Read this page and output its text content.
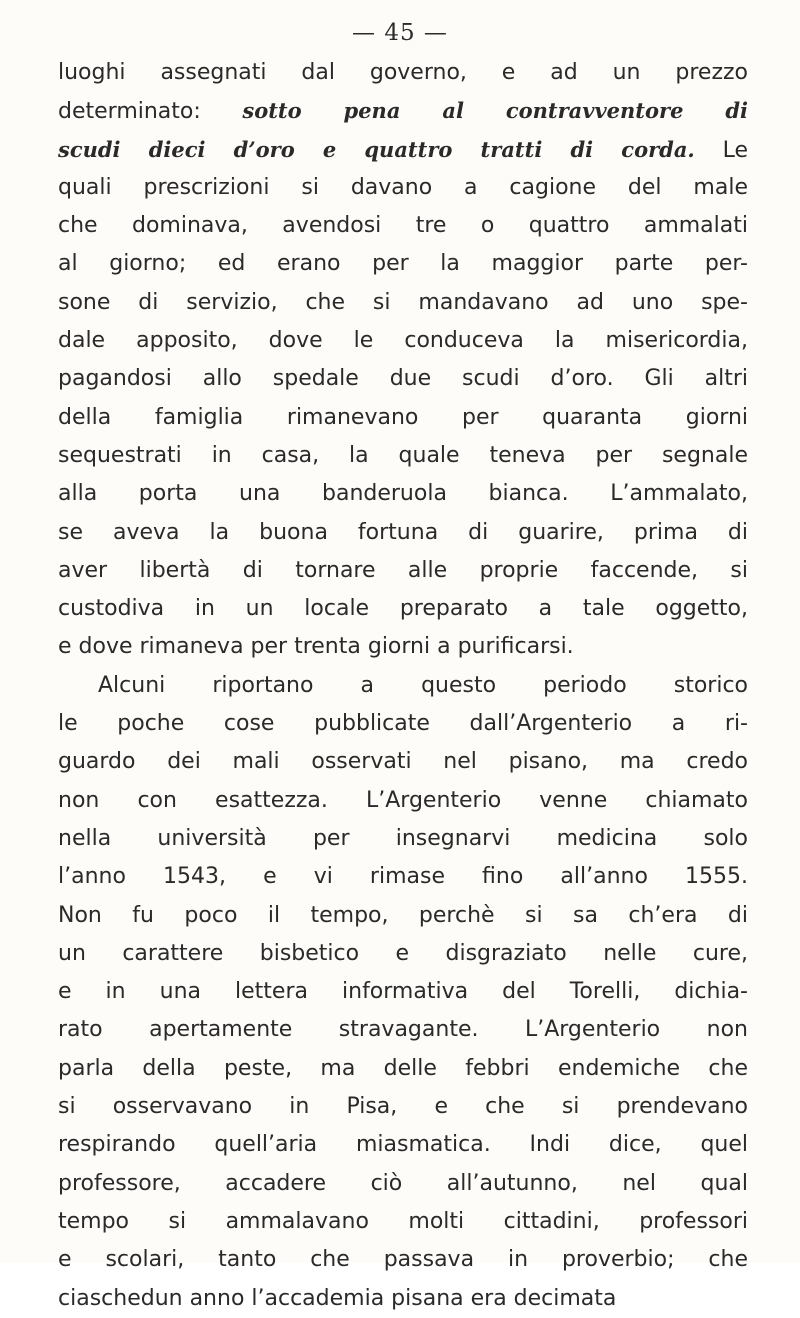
— 45 —
luoghi assegnati dal governo, e ad un prezzo
determinato: sotto pena al contravventore di
scudi dieci d’oro e quattro tratti di corda. Le
quali prescrizioni si davano a cagione del male
che dominava, avendosi tre o quattro ammalati
al giorno; ed erano per la maggior parte per-
sone di servizio, che si mandavano ad uno spe-
dale apposito, dove le conduceva la misericordia,
pagandosi allo spedale due scudi d’oro. Gli altri
della famiglia rimanevano per quaranta giorni
sequestrati in casa, la quale teneva per segnale
alla porta una banderuola bianca. L’ammalato,
se aveva la buona fortuna di guarire, prima di
aver libertà di tornare alle proprie faccende, si
custodiva in un locale preparato a tale oggetto,
e dove rimaneva per trenta giorni a purificarsi.
Alcuni riportano a questo periodo storico
le poche cose pubblicate dall’Argenterio a ri-
guardo dei mali osservati nel pisano, ma credo
non con esattezza. L’Argenterio venne chiamato
nella università per insegnarvi medicina solo
l’anno 1543, e vi rimase fino all’anno 1555.
Non fu poco il tempo, perchè si sa ch’era di
un carattere bisbetico e disgraziato nelle cure,
e in una lettera informativa del Torelli, dichia-
rato apertamente stravagante. L’Argenterio non
parla della peste, ma delle febbri endemiche che
si osservavano in Pisa, e che si prendevano
respirando quell’aria miasmatica. Indi dice, quel
professore, accadere ciò all’autunno, nel qual
tempo si ammalavano molti cittadini, professori
e scolari, tanto che passava in proverbio; che
ciaschedun anno l’accademia pisana era decimata
